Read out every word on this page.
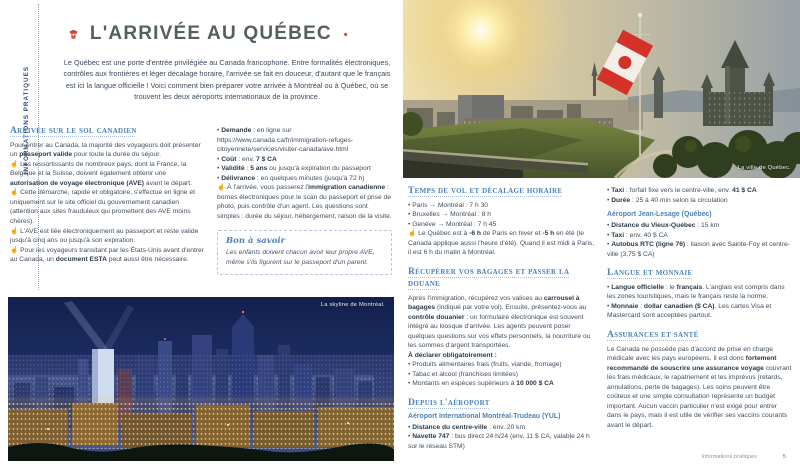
INFORMATIONS PRATIQUES
L'ARRIVÉE AU QUÉBEC

Le Québec est une porte d'entrée privilégiée au Canada francophone. Entre formalités électroniques, contrôles aux frontières et léger décalage horaire, l'arrivée se fait en douceur, d'autant que le français est ici la langue officielle ! Voici comment bien préparer votre arrivée à Montréal ou à Québec, où se trouvent les deux aéroports internationaux de la province.

Arrivée sur le sol canadien

Pour entrer au Canada, la majorité des voyageurs doit présenter un passeport valide pour toute la durée du séjour.

☝ Les ressortissants de nombreux pays, dont la France, la Belgique et la Suisse, doivent également obtenir une autorisation de voyage électronique (AVE) avant le départ.

☝ Cette démarche, rapide et obligatoire, s'effectue en ligne et uniquement sur le site officiel du gouvernement canadien (attention aux sites frauduleux qui promettent des AVE moins chères).

☝ L'AVE est liée électroniquement au passeport et reste valide jusqu'à cinq ans ou jusqu'à son expiration.

☝ Pour les voyageurs transitant par les États-Unis avant d'entrer au Canada, un document ESTA peut aussi être nécessaire.

• Demande : en ligne sur https://www.canada.ca/fr/immigration-refuges-citoyennete/services/visiter-canada/ave.html

• Coût : env. 7 $ CA

• Validité : 5 ans ou jusqu'à expiration du passeport

• Délivrance : en quelques minutes (jusqu'à 72 h)

☝ À l'arrivée, vous passerez l'immigration canadienne : bornes électroniques pour le scan du passeport et prise de photo, puis contrôle d'un agent. Les questions sont simples : durée du séjour, hébergement, raison de la visite.

Bon à savoir
Les enfants doivent chacun avoir leur propre AVE, même s'ils figurent sur le passeport d'un parent.
La skyline de Montréal.
La ville de Québec.
Temps de vol et décalage horaire

• Paris → Montréal : 7 h 30

• Bruxelles → Montréal : 8 h

• Genève → Montréal : 7 h 45

☝ Le Québec est à -6 h de Paris en hiver et -5 h en été (le Canada applique aussi l'heure d'été). Quand il est midi à Paris, il est 6 h du matin à Montréal.

Récupérer vos bagages et passer la douane

Après l'immigration, récupérez vos valises au carrousel à bagages (indiqué par votre vol). Ensuite, présentez-vous au contrôle douanier : un formulaire électronique est souvent intégré au kiosque d'arrivée. Les agents peuvent poser quelques questions sur vos effets personnels, la nourriture ou les sommes d'argent transportées.

À déclarer obligatoirement :

• Produits alimentaires frais (fruits, viande, fromage)

• Tabac et alcool (franchises limitées)

• Montants en espèces supérieurs à 10 000 $ CA

Depuis l'aéroport

Aéroport International Montréal-Trudeau (YUL)

• Distance du centre-ville : env. 20 km

• Navette 747 : bus direct 24 h/24 (env. 11 $ CA, valable 24 h sur le réseau STM)

• Taxi : forfait fixe vers le centre-ville, env. 41 $ CA

• Durée : 25 à 40 min selon la circulation

Aéroport Jean-Lesage (Québec)

• Distance du Vieux-Québec : 15 km

• Taxi : env. 40 $ CA

• Autobus RTC (ligne 76) : liaison avec Sainte-Foy et centre-ville (3,75 $ CA)

Langue et monnaie

• Langue officielle : le français. L'anglais est compris dans les zones touristiques, mais le français reste la norme.

• Monnaie : dollar canadien ($ CA). Les cartes Visa et Mastercard sont acceptées partout.

Assurances et santé

Le Canada ne possède pas d'accord de prise en charge médicale avec les pays européens. Il est donc fortement recommandé de souscrire une assurance voyage couvrant les frais médicaux, le rapatriement et les imprévus (retards, annulations, perte de bagages). Les soins peuvent être coûteux et une simple consultation représente un budget important. Aucun vaccin particulier n'est exigé pour entrer dans le pays, mais il est utile de vérifier ses vaccins courants avant le départ.

Informations pratiques	5
